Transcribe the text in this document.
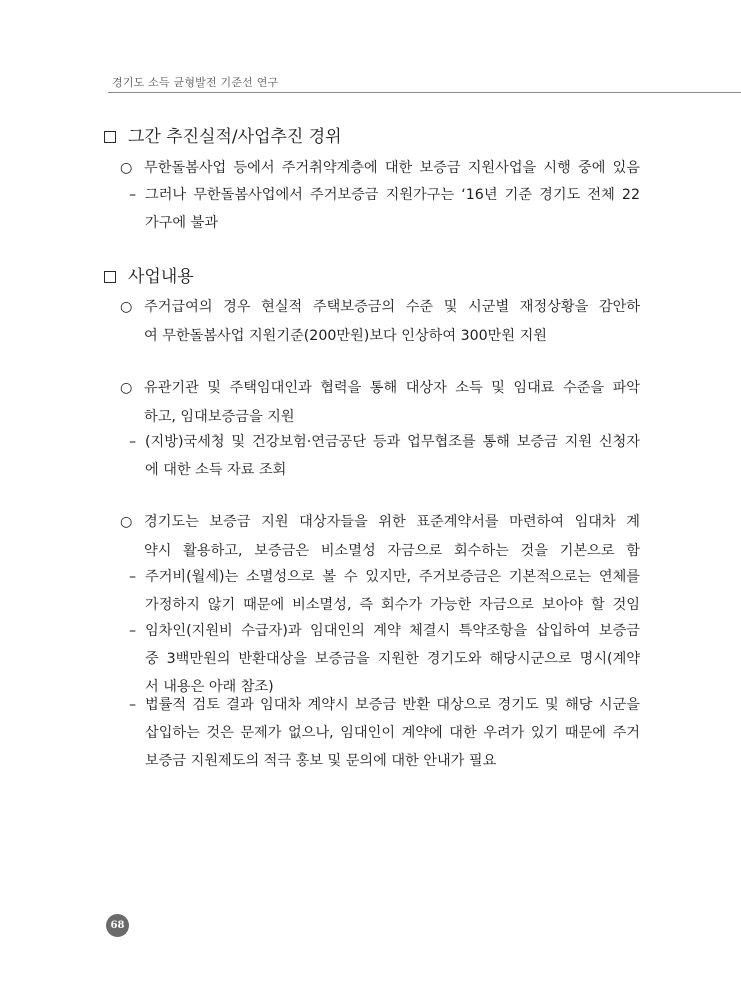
경기도 소득 균형발전 기준선 연구
그간 추진실적/사업추진 경위
○ 무한돌봄사업 등에서 주거취약계층에 대한 보증금 지원사업을 시행 중에 있음
– 그러나 무한돌봄사업에서 주거보증금 지원가구는 ‘16년 기준 경기도 전체 22
가구에 불과
사업내용
○ 주거급여의 경우 현실적 주택보증금의 수준 및 시군별 재정상황을 감안하
여 무한돌봄사업 지원기준(200만원)보다 인상하여 300만원 지원
○ 유관기관 및 주택임대인과 협력을 통해 대상자 소득 및 임대료 수준을 파악
하고, 임대보증금을 지원
– (지방)국세청 및 건강보험·연금공단 등과 업무협조를 통해 보증금 지원 신청자
에 대한 소득 자료 조회
○ 경기도는 보증금 지원 대상자들을 위한 표준계약서를 마련하여 임대차 계
약시 활용하고, 보증금은 비소멸성 자금으로 회수하는 것을 기본으로 함
– 주거비(월세)는 소멸성으로 볼 수 있지만, 주거보증금은 기본적으로는 연체를
가정하지 않기 때문에 비소멸성, 즉 회수가 가능한 자금으로 보아야 할 것임
– 임차인(지원비 수급자)과 임대인의 계약 체결시 특약조항을 삽입하여 보증금
중 3백만원의 반환대상을 보증금을 지원한 경기도와 해당시군으로 명시(계약
서 내용은 아래 참조)
– 법률적 검토 결과 임대차 계약시 보증금 반환 대상으로 경기도 및 해당 시군을
삽입하는 것은 문제가 없으나, 임대인이 계약에 대한 우려가 있기 때문에 주거
보증금 지원제도의 적극 홍보 및 문의에 대한 안내가 필요
68
